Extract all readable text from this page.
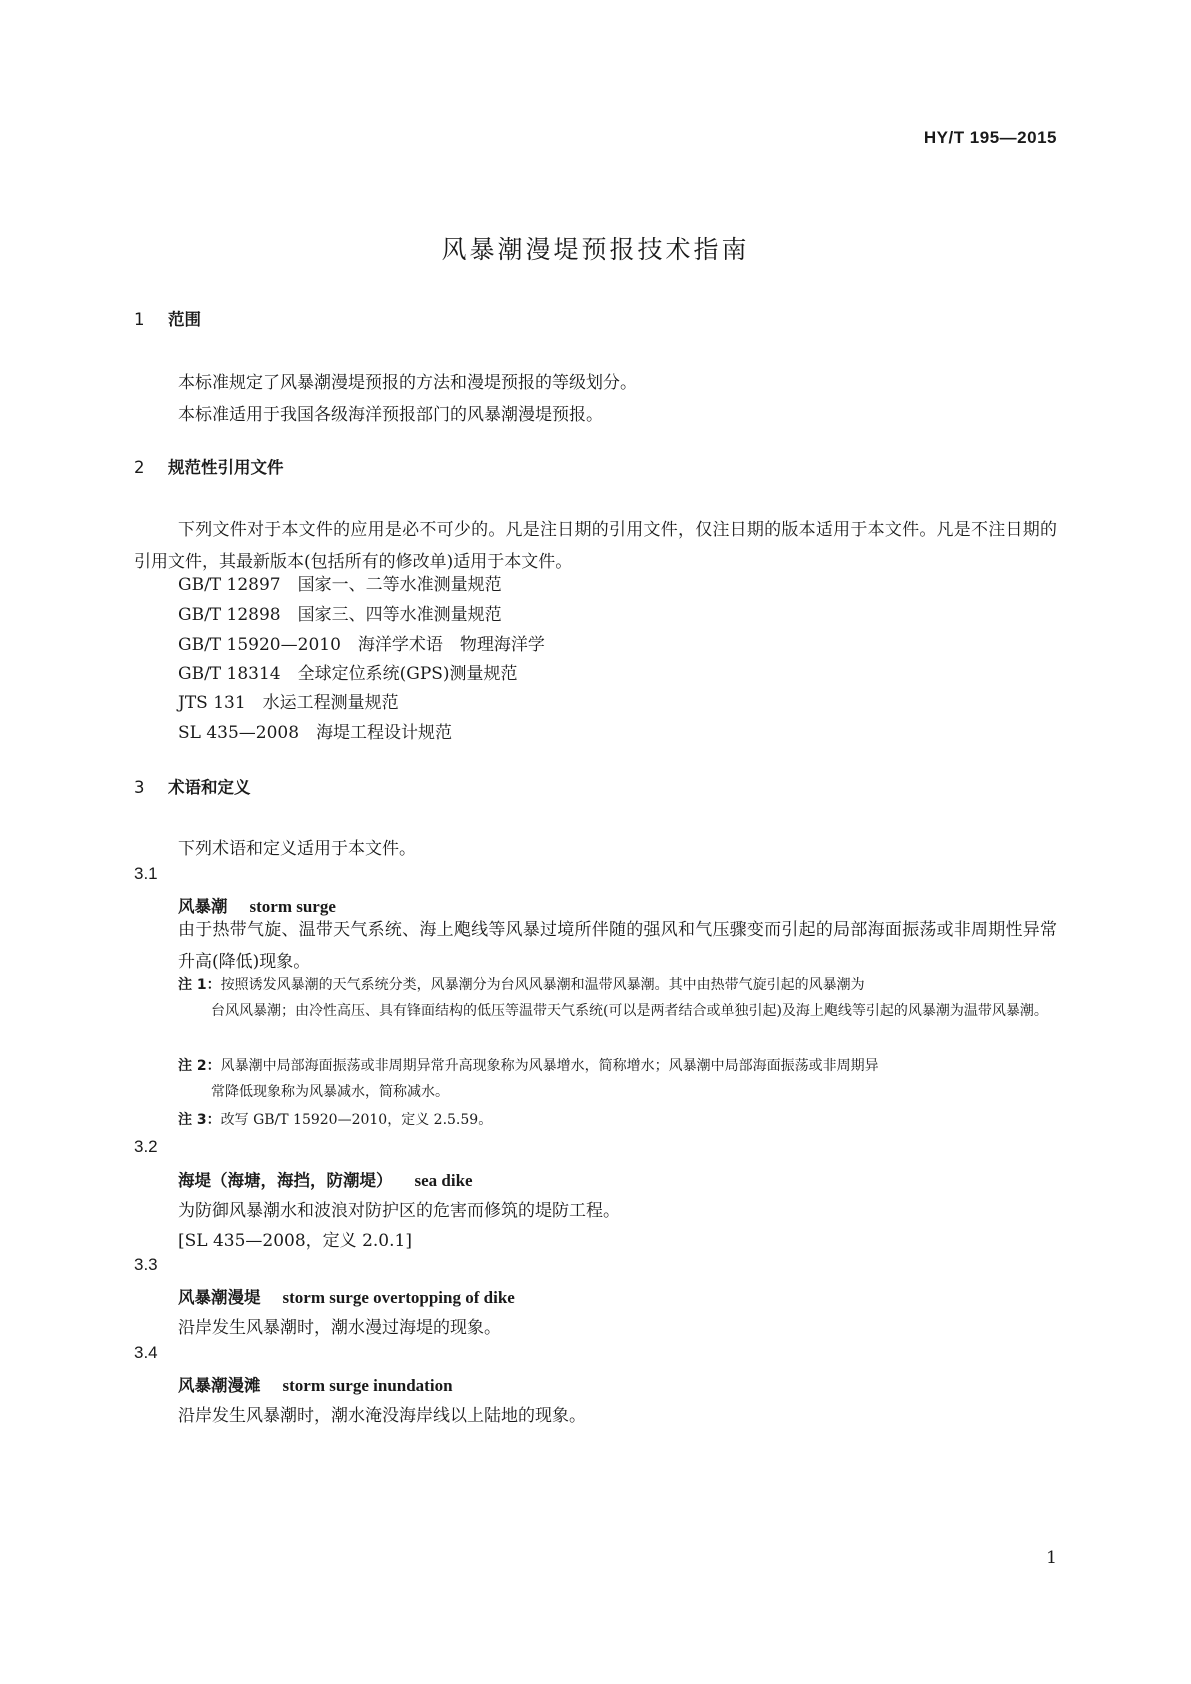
HY/T 195—2015
风暴潮漫堤预报技术指南
1 范围
本标准规定了风暴潮漫堤预报的方法和漫堤预报的等级划分。
本标准适用于我国各级海洋预报部门的风暴潮漫堤预报。
2 规范性引用文件
下列文件对于本文件的应用是必不可少的。凡是注日期的引用文件，仅注日期的版本适用于本文件。凡是不注日期的引用文件，其最新版本(包括所有的修改单)适用于本文件。
GB/T 12897　 国家一、二等水准测量规范
GB/T 12898　 国家三、四等水准测量规范
GB/T 15920—2010　 海洋学术语　物理海洋学
GB/T 18314　 全球定位系统(GPS)测量规范
JTS 131　 水运工程测量规范
SL 435—2008　 海堤工程设计规范
3 术语和定义
下列术语和定义适用于本文件。
3.1
风暴潮 storm surge
由于热带气旋、温带天气系统、海上飑线等风暴过境所伴随的强风和气压骤变而引起的局部海面振荡或非周期性异常升高(降低)现象。
注 1：按照诱发风暴潮的天气系统分类，风暴潮分为台风风暴潮和温带风暴潮。其中由热带气旋引起的风暴潮为
台风风暴潮；由冷性高压、具有锋面结构的低压等温带天气系统(可以是两者结合或单独引起)及海上飑线等引起的风暴潮为温带风暴潮。
注 2：风暴潮中局部海面振荡或非周期异常升高现象称为风暴增水，简称增水；风暴潮中局部海面振荡或非周期异
常降低现象称为风暴减水，简称减水。
注 3：改写 GB/T 15920—2010，定义 2.5.59。
3.2
海堤（海塘，海挡，防潮堤） sea dike
为防御风暴潮水和波浪对防护区的危害而修筑的堤防工程。
[SL 435—2008，定义 2.0.1]
3.3
风暴潮漫堤 storm surge overtopping of dike
沿岸发生风暴潮时，潮水漫过海堤的现象。
3.4
风暴潮漫滩 storm surge inundation
沿岸发生风暴潮时，潮水淹没海岸线以上陆地的现象。
1
